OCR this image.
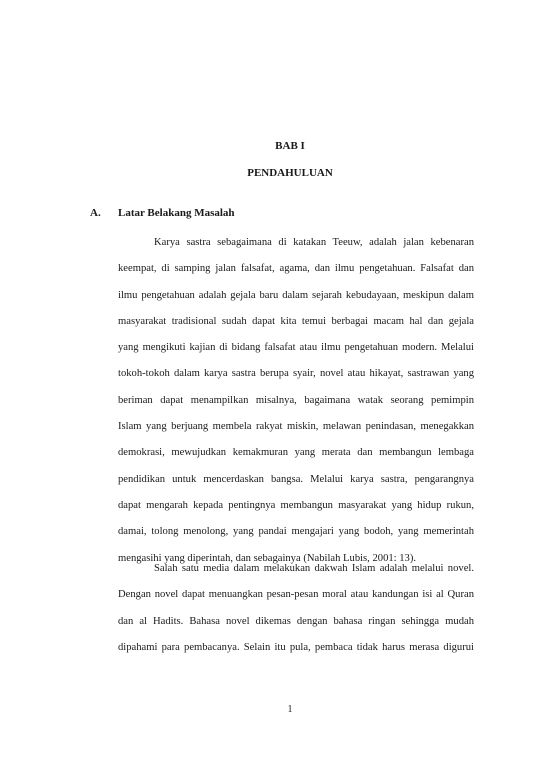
BAB I
PENDAHULUAN
A.	Latar Belakang Masalah
Karya sastra sebagaimana di katakan Teeuw, adalah jalan kebenaran
keempat, di samping jalan falsafat, agama, dan ilmu pengetahuan. Falsafat dan
ilmu pengetahuan adalah gejala baru dalam sejarah kebudayaan, meskipun dalam
masyarakat tradisional sudah dapat kita temui berbagai macam hal dan gejala
yang mengikuti kajian di bidang falsafat atau ilmu pengetahuan modern. Melalui
tokoh-tokoh dalam karya sastra berupa syair, novel atau hikayat, sastrawan yang
beriman dapat menampilkan misalnya, bagaimana watak seorang pemimpin
Islam yang berjuang membela rakyat miskin, melawan penindasan, menegakkan
demokrasi, mewujudkan kemakmuran yang merata dan membangun lembaga
pendidikan untuk mencerdaskan bangsa. Melalui karya sastra, pengarangnya
dapat mengarah kepada pentingnya membangun masyarakat yang hidup rukun,
damai, tolong menolong, yang pandai mengajari yang bodoh, yang memerintah
mengasihi yang diperintah, dan sebagainya (Nabilah Lubis, 2001: 13).
Salah satu media dalam melakukan dakwah Islam adalah melalui novel.
Dengan novel dapat menuangkan pesan-pesan moral atau kandungan isi al Quran
dan al Hadits. Bahasa novel dikemas dengan bahasa ringan sehingga mudah
dipahami para pembacanya. Selain itu pula, pembaca tidak harus merasa digurui
1
